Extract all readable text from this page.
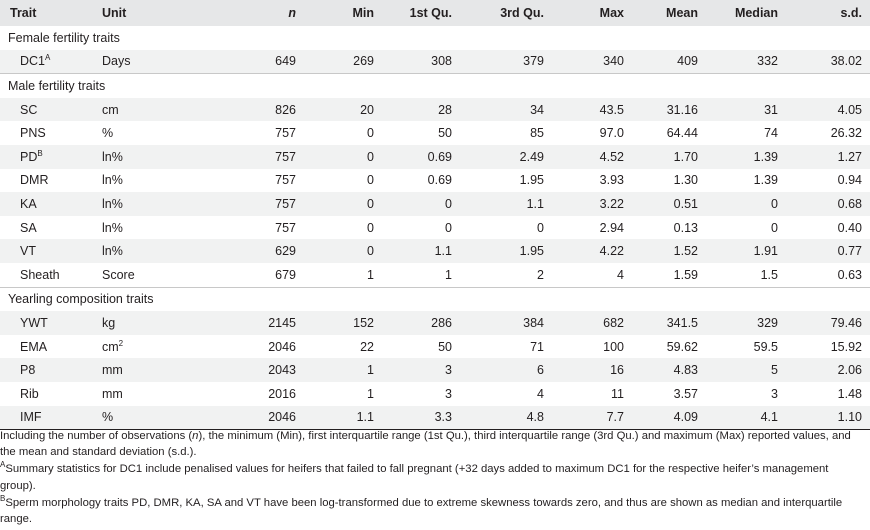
Trait	Unit	n	Min	1st Qu.	3rd Qu.	Max	Mean	Median	s.d.
Female fertility traits									
$DC1^A$	Days	649	269	308	379	340	409	332	38.02
Male fertility traits									
SC	cm	826	20	28	34	43.5	31.16	31	4.05
PNS	%	757	0	50	85	97.0	64.44	74	26.32
$PD^B$	ln%	757	0	0.69	2.49	4.52	1.70	1.39	1.27
DMR	ln%	757	0	0.69	1.95	3.93	1.30	1.39	0.94
KA	ln%	757	0	0	1.1	3.22	0.51	0	0.68
SA	ln%	757	0	0	0	2.94	0.13	0	0.40
VT	ln%	629	0	1.1	1.95	4.22	1.52	1.91	0.77
Sheath	Score	679	1	1	2	4	1.59	1.5	0.63
Yearling composition traits									
YWT	kg	2145	152	286	384	682	341.5	329	79.46
EMA	$cm^2$	2046	22	50	71	100	59.62	59.5	15.92
P8	mm	2043	1	3	6	16	4.83	5	2.06
Rib	mm	2016	1	3	4	11	3.57	3	1.48
IMF	%	2046	1.1	3.3	4.8	7.7	4.09	4.1	1.10

Including the number of observations (n), the minimum (Min), first interquartile range (1st Qu.), third interquartile range (3rd Qu.) and maximum (Max) reported values, and the mean and standard deviation (s.d.).

$^A$Summary statistics for DC1 include penalised values for heifers that failed to fall pregnant (+32 days added to maximum DC1 for the respective heifer’s management group).

$^B$Sperm morphology traits PD, DMR, KA, SA and VT have been log-transformed due to extreme skewness towards zero, and thus are shown as median and interquartile range.
